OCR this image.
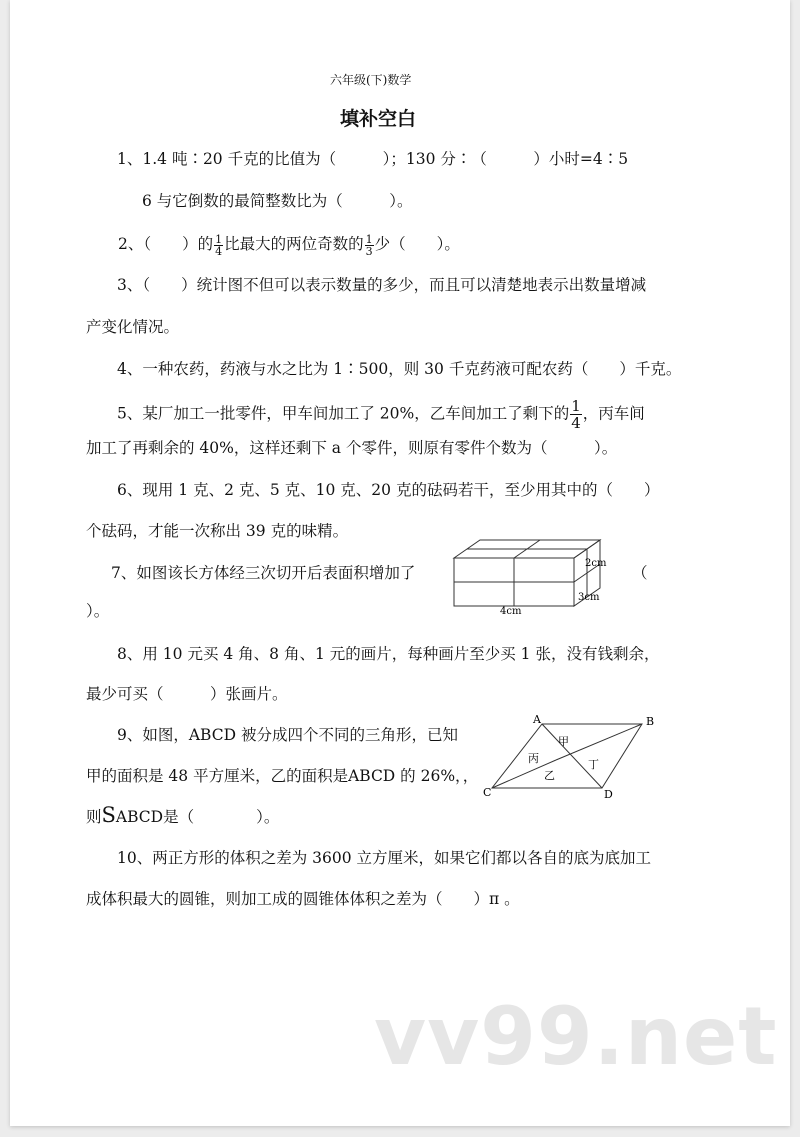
六年级(下)数学
填补空白
1、1.4 吨∶20 千克的比值为（　　　）；130 分∶（　　　）小时=4∶5
6 与它倒数的最简整数比为（　　　）。
2、（　　）的 $\frac{1}{4}$ 比最大的两位奇数的 $\frac{1}{3}$ 少（　　）。
3、（　　）统计图不但可以表示数量的多少，而且可以清楚地表示出数量增减
产变化情况。
4、一种农药，药液与水之比为 1∶500，则 30 千克药液可配农药（　　）千克。
5、某厂加工一批零件，甲车间加工了 20%，乙车间加工了剩下的 $\frac{1}{4}$ ，丙车间
加工了再剩余的 40%，这样还剩下 a 个零件，则原有零件个数为（　　　）。
6、现用 1 克、2 克、5 克、10 克、20 克的砝码若干，至少用其中的（　　）
个砝码，才能一次称出 39 克的味精。
7、如图该长方体经三次切开后表面积增加了	（
）。
2cm
3cm
4cm
8、用 10 元买 4 角、8 角、1 元的画片，每种画片至少买 1 张，没有钱剩余，
最少可买（　　　）张画片。
9、如图，ABCD 被分成四个不同的三角形，已知
甲的面积是 48 平方厘米，乙的面积是ABCD 的 26%，，
则SABCD是（　　　　）。
A	B
C	D
甲
乙
丙	丁
10、两正方形的体积之差为 3600 立方厘米，如果它们都以各自的底为底加工
成体积最大的圆锥，则加工成的圆锥体体积之差为（　　）π 。
vv99.net
